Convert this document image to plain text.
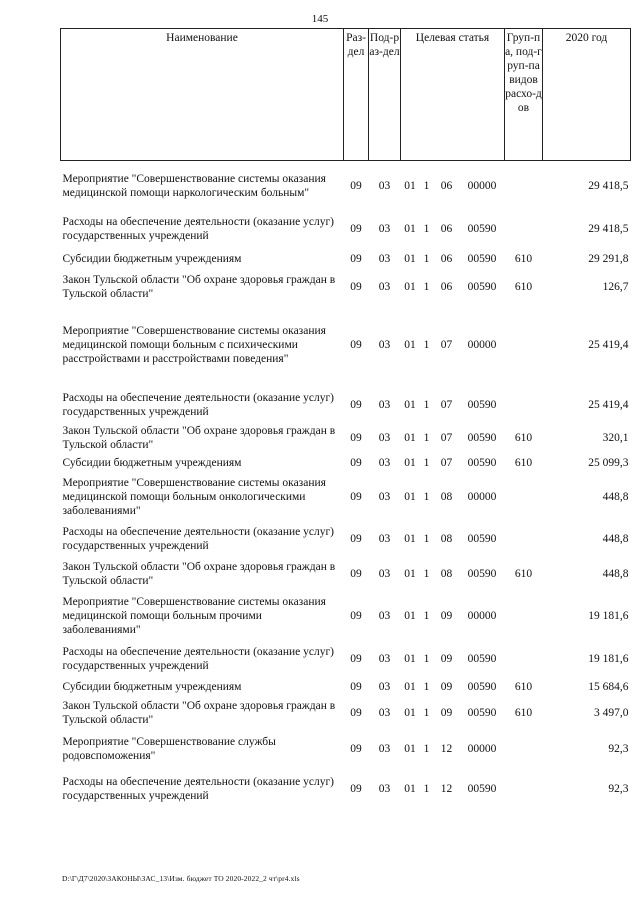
145
Наименование	Раз-дел	Под-раз-дел	Целевая статья				Груп-па, под-груп-па видов расхо-дов	2020 год
Мероприятие "Совершенствование системы оказания медицинской помощи наркологическим больным"	09	03	01	1	06	00000		29 418,5
Расходы на обеспечение деятельности (оказание услуг) государственных учреждений	09	03	01	1	06	00590		29 418,5
Субсидии бюджетным учреждениям	09	03	01	1	06	00590	610	29 291,8
Закон Тульской области "Об охране здоровья граждан в Тульской области"	09	03	01	1	06	00590	610	126,7
Мероприятие "Совершенствование системы оказания медицинской помощи больным с психическими расстройствами и расстройствами поведения"	09	03	01	1	07	00000		25 419,4
Расходы на обеспечение деятельности (оказание услуг) государственных учреждений	09	03	01	1	07	00590		25 419,4
Закон Тульской области "Об охране здоровья граждан в Тульской области"	09	03	01	1	07	00590	610	320,1
Субсидии бюджетным учреждениям	09	03	01	1	07	00590	610	25 099,3
Мероприятие "Совершенствование системы оказания медицинской помощи больным онкологическими заболеваниями"	09	03	01	1	08	00000		448,8
Расходы на обеспечение деятельности (оказание услуг) государственных учреждений	09	03	01	1	08	00590		448,8
Закон Тульской области "Об охране здоровья граждан в Тульской области"	09	03	01	1	08	00590	610	448,8
Мероприятие "Совершенствование системы оказания медицинской помощи больным прочими заболеваниями"	09	03	01	1	09	00000		19 181,6
Расходы на обеспечение деятельности (оказание услуг) государственных учреждений	09	03	01	1	09	00590		19 181,6
Субсидии бюджетным учреждениям	09	03	01	1	09	00590	610	15 684,6
Закон Тульской области "Об охране здоровья граждан в Тульской области"	09	03	01	1	09	00590	610	3 497,0
Мероприятие "Совершенствование службы родовспоможения"	09	03	01	1	12	00000		92,3
Расходы на обеспечение деятельности (оказание услуг) государственных учреждений	09	03	01	1	12	00590		92,3
D:\Г\Д7\2020\ЗАКОНЫ\ЗАС_13\Изм. бюджет ТО 2020-2022_2 чт\pr4.xls
